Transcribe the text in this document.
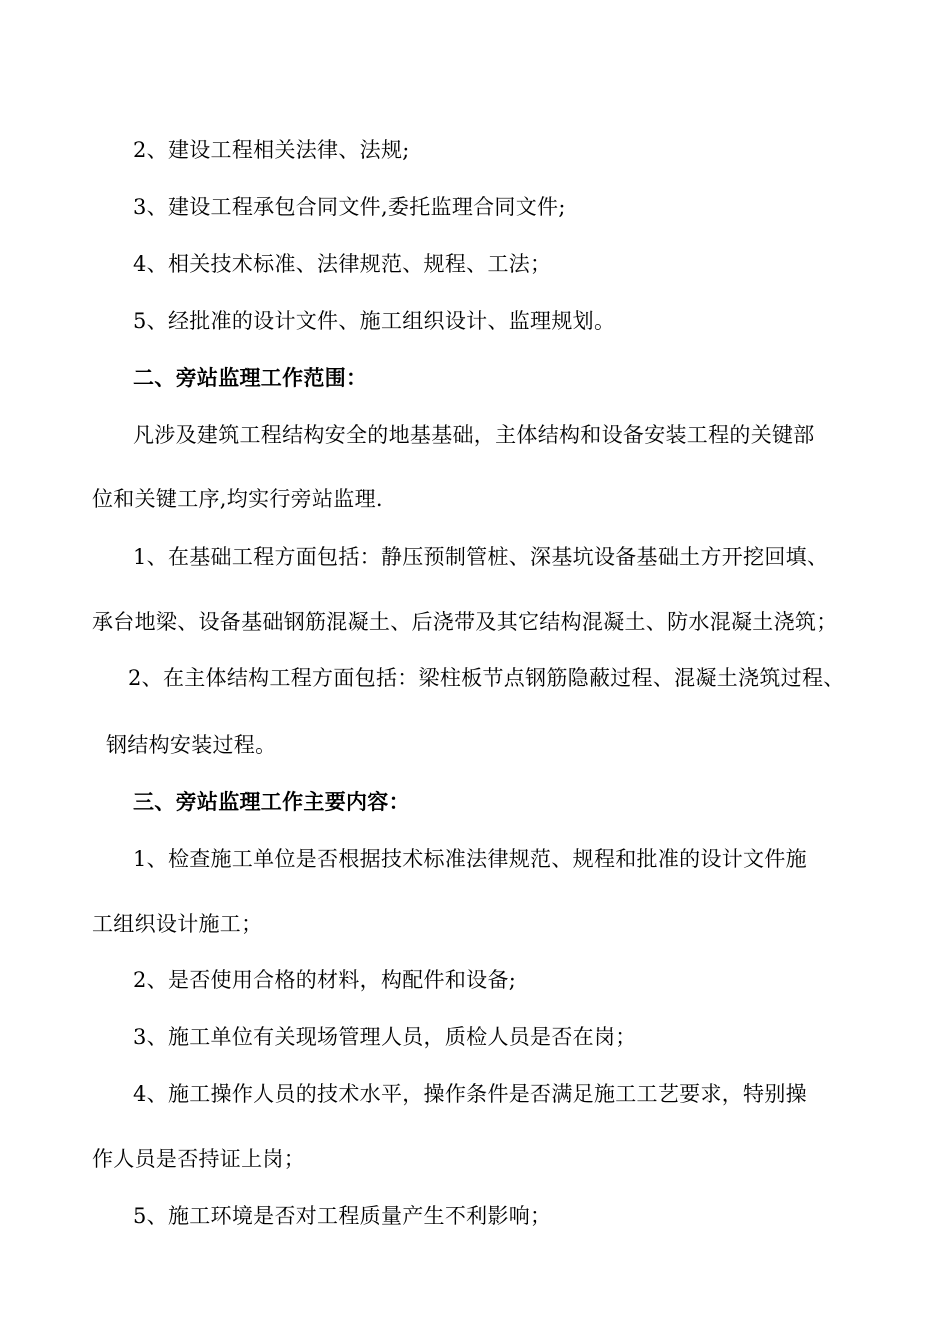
2、建设工程相关法律、法规;
3、建设工程承包合同文件,委托监理合同文件;
4、相关技术标准、法律规范、规程、工法；
5、经批准的设计文件、施工组织设计、监理规划。
二、旁站监理工作范围：
凡涉及建筑工程结构安全的地基基础，主体结构和设备安装工程的关键部
位和关键工序,均实行旁站监理.
1、在基础工程方面包括：静压预制管桩、深基坑设备基础土方开挖回填、
承台地梁、设备基础钢筋混凝土、后浇带及其它结构混凝土、防水混凝土浇筑；
2、在主体结构工程方面包括：梁柱板节点钢筋隐蔽过程、混凝土浇筑过程、
钢结构安装过程。
三、旁站监理工作主要内容：
1、检查施工单位是否根据技术标准法律规范、规程和批准的设计文件施
工组织设计施工；
2、是否使用合格的材料，构配件和设备;
3、施工单位有关现场管理人员，质检人员是否在岗；
4、施工操作人员的技术水平，操作条件是否满足施工工艺要求，特别操
作人员是否持证上岗；
5、施工环境是否对工程质量产生不利影响；
